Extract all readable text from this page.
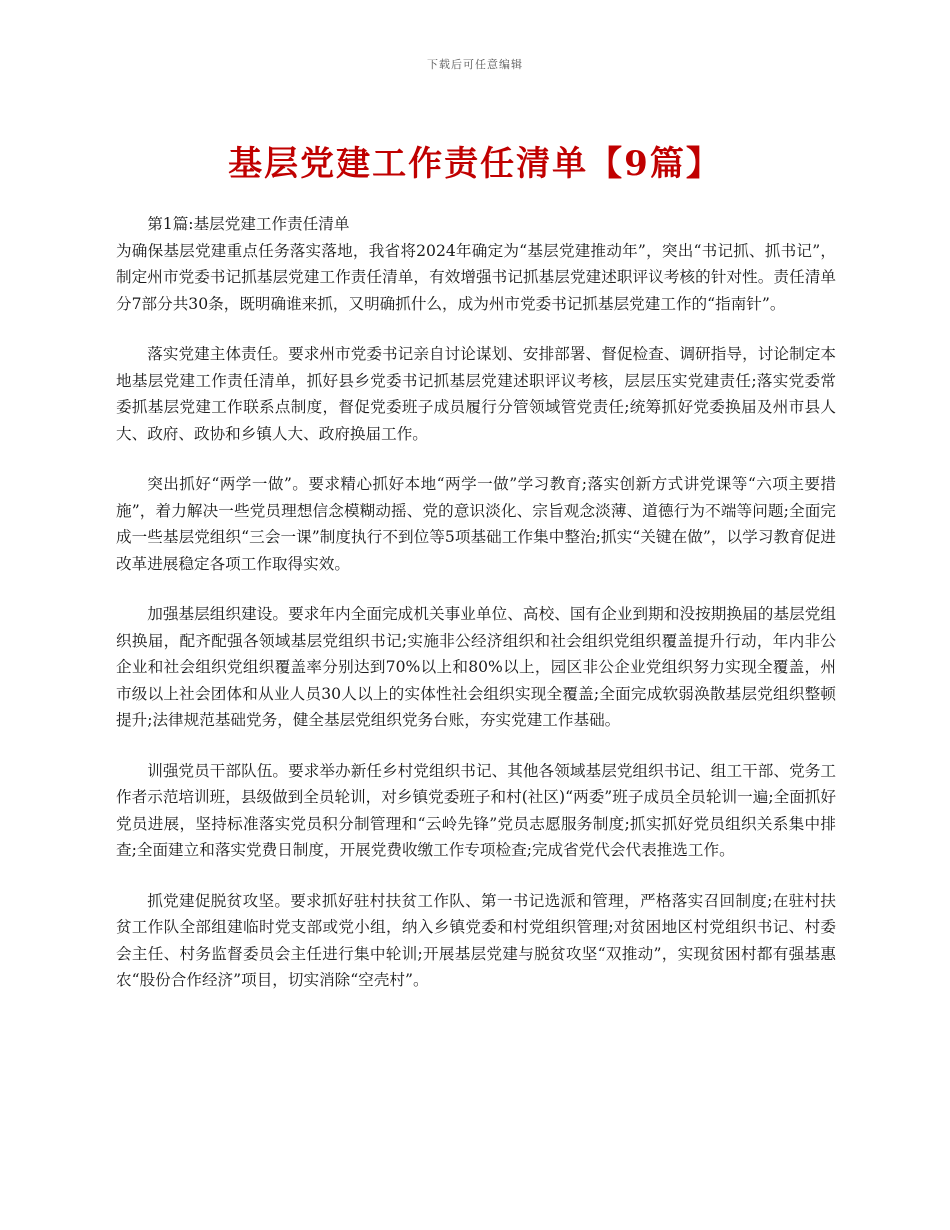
下载后可任意编辑
基层党建工作责任清单【9篇】

第1篇:基层党建工作责任清单

为确保基层党建重点任务落实落地，我省将2024年确定为“基层党建推动年”，突出“书记抓、抓书记”，制定州市党委书记抓基层党建工作责任清单，有效增强书记抓基层党建述职评议考核的针对性。责任清单分7部分共30条，既明确谁来抓，又明确抓什么，成为州市党委书记抓基层党建工作的“指南针”。

落实党建主体责任。要求州市党委书记亲自讨论谋划、安排部署、督促检查、调研指导，讨论制定本地基层党建工作责任清单，抓好县乡党委书记抓基层党建述职评议考核，层层压实党建责任;落实党委常委抓基层党建工作联系点制度，督促党委班子成员履行分管领域管党责任;统筹抓好党委换届及州市县人大、政府、政协和乡镇人大、政府换届工作。

突出抓好“两学一做”。要求精心抓好本地“两学一做”学习教育;落实创新方式讲党课等“六项主要措施”，着力解决一些党员理想信念模糊动摇、党的意识淡化、宗旨观念淡薄、道德行为不端等问题;全面完成一些基层党组织“三会一课”制度执行不到位等5项基础工作集中整治;抓实“关键在做”，以学习教育促进改革进展稳定各项工作取得实效。

加强基层组织建设。要求年内全面完成机关事业单位、高校、国有企业到期和没按期换届的基层党组织换届，配齐配强各领域基层党组织书记;实施非公经济组织和社会组织党组织覆盖提升行动，年内非公企业和社会组织党组织覆盖率分别达到70%以上和80%以上，园区非公企业党组织努力实现全覆盖，州市级以上社会团体和从业人员30人以上的实体性社会组织实现全覆盖;全面完成软弱涣散基层党组织整顿提升;法律规范基础党务，健全基层党组织党务台账，夯实党建工作基础。

训强党员干部队伍。要求举办新任乡村党组织书记、其他各领域基层党组织书记、组工干部、党务工作者示范培训班，县级做到全员轮训，对乡镇党委班子和村(社区)“两委”班子成员全员轮训一遍;全面抓好党员进展，坚持标准落实党员积分制管理和“云岭先锋”党员志愿服务制度;抓实抓好党员组织关系集中排查;全面建立和落实党费日制度，开展党费收缴工作专项检查;完成省党代会代表推选工作。

抓党建促脱贫攻坚。要求抓好驻村扶贫工作队、第一书记选派和管理，严格落实召回制度;在驻村扶贫工作队全部组建临时党支部或党小组，纳入乡镇党委和村党组织管理;对贫困地区村党组织书记、村委会主任、村务监督委员会主任进行集中轮训;开展基层党建与脱贫攻坚“双推动”，实现贫困村都有强基惠农“股份合作经济”项目，切实消除“空壳村”。
